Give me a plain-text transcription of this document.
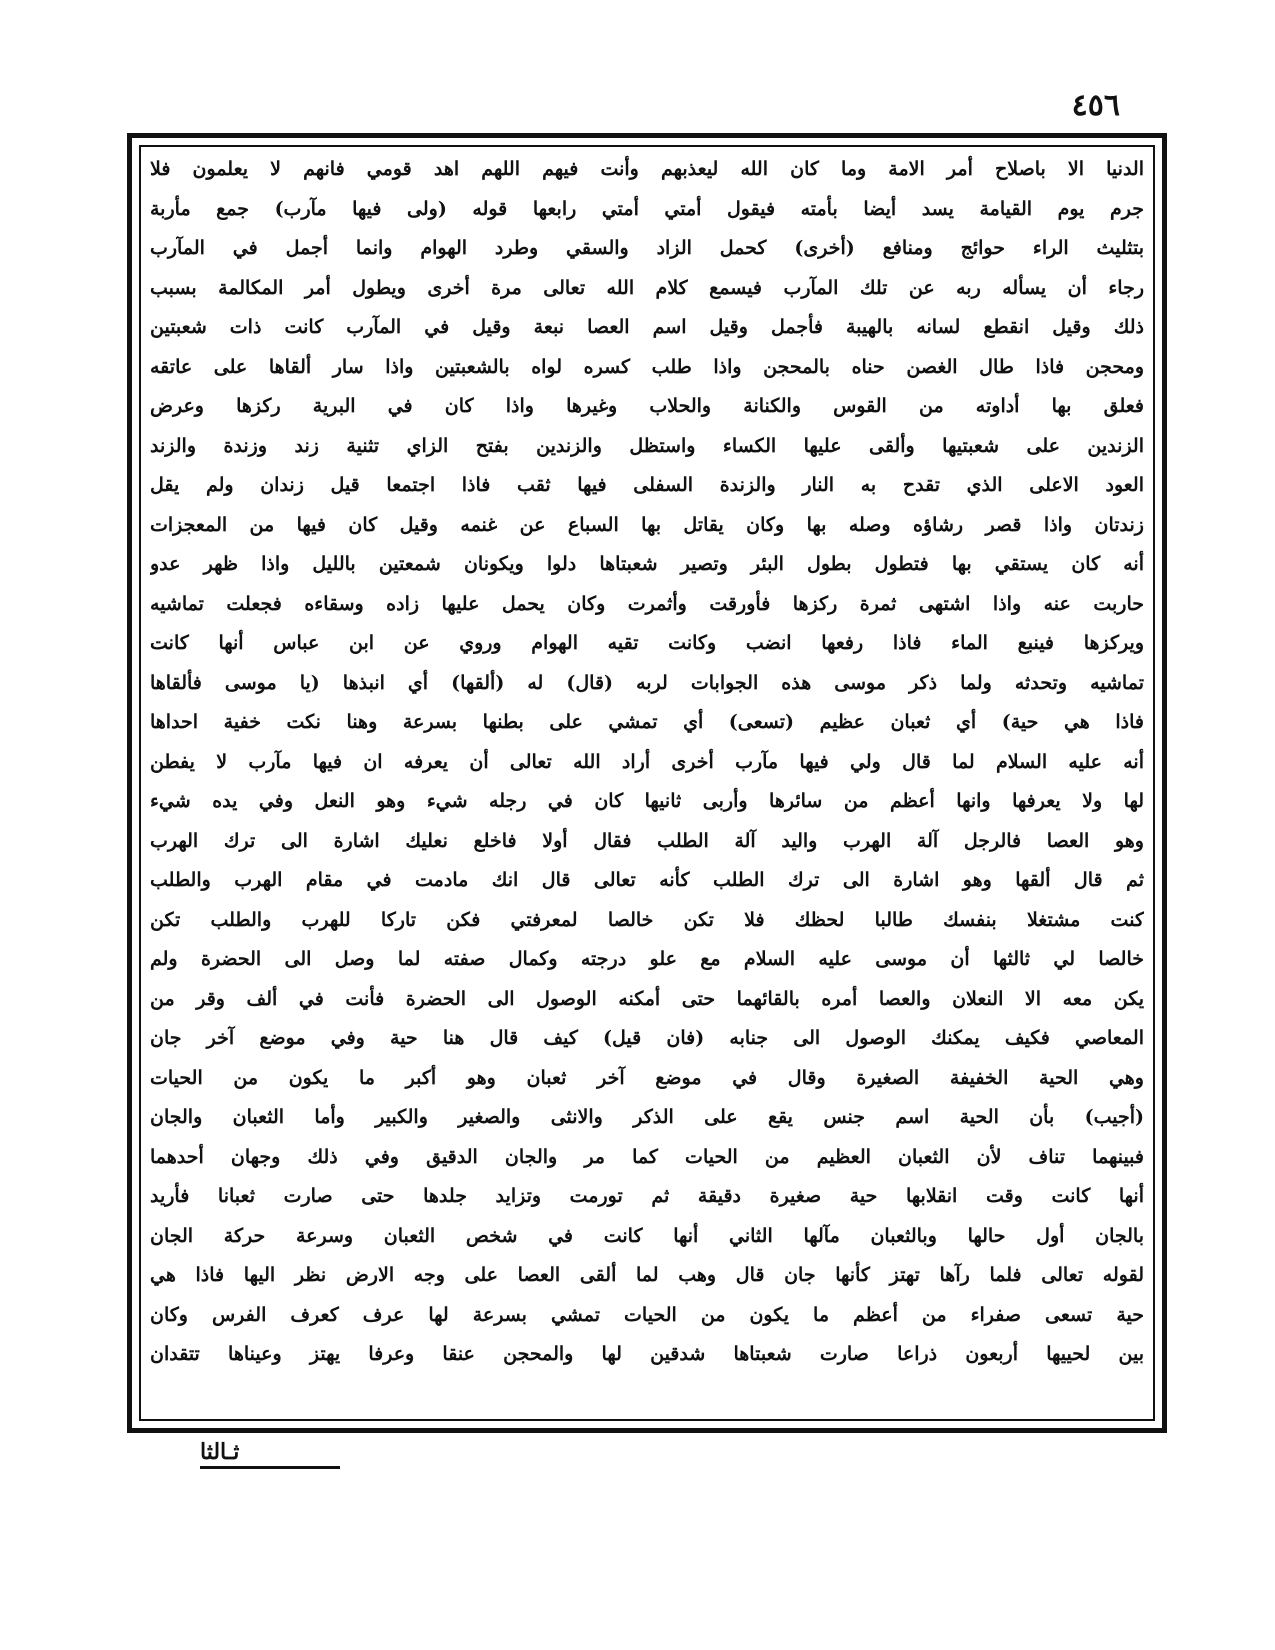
٤٥٦
الدنيا الا باصلاح أمر الامة وما كان الله ليعذبهم وأنت فيهم اللهم اهد قومي فانهم لا يعلمون فلا
جرم يوم القيامة يسد أيضا بأمته فيقول أمتي أمتي رابعها قوله (ولى فيها مآرب) جمع مأربة
بتثليث الراء حوائج ومنافع (أخرى) كحمل الزاد والسقي وطرد الهوام وانما أجمل في المآرب
رجاء أن يسأله ربه عن تلك المآرب فيسمع كلام الله تعالى مرة أخرى ويطول أمر المكالمة بسبب
ذلك وقيل انقطع لسانه بالهيبة فأجمل وقيل اسم العصا نبعة وقيل في المآرب كانت ذات شعبتين
ومحجن فاذا طال الغصن حناه بالمحجن واذا طلب كسره لواه بالشعبتين واذا سار ألقاها على عاتقه
فعلق بها أداوته من القوس والكنانة والحلاب وغيرها واذا كان في البرية ركزها وعرض
الزندين على شعبتيها وألقى عليها الكساء واستظل والزندين بفتح الزاي تثنية زند وزندة والزند
العود الاعلى الذي تقدح به النار والزندة السفلى فيها ثقب فاذا اجتمعا قيل زندان ولم يقل
زندتان واذا قصر رشاؤه وصله بها وكان يقاتل بها السباع عن غنمه وقيل كان فيها من المعجزات
أنه كان يستقي بها فتطول بطول البئر وتصير شعبتاها دلوا ويكونان شمعتين بالليل واذا ظهر عدو
حاربت عنه واذا اشتهى ثمرة ركزها فأورقت وأثمرت وكان يحمل عليها زاده وسقاءه فجعلت تماشيه
ويركزها فينبع الماء فاذا رفعها انضب وكانت تقيه الهوام وروي عن ابن عباس أنها كانت
تماشيه وتحدثه ولما ذكر موسى هذه الجوابات لربه (قال) له (ألقها) أي انبذها (يا موسى فألقاها
فاذا هي حية) أي ثعبان عظيم (تسعى) أي تمشي على بطنها بسرعة وهنا نكت خفية احداها
أنه عليه السلام لما قال ولي فيها مآرب أخرى أراد الله تعالى أن يعرفه ان فيها مآرب لا يفطن
لها ولا يعرفها وانها أعظم من سائرها وأربى ثانيها كان في رجله شيء وهو النعل وفي يده شيء
وهو العصا فالرجل آلة الهرب واليد آلة الطلب فقال أولا فاخلع نعليك اشارة الى ترك الهرب
ثم قال ألقها وهو اشارة الى ترك الطلب كأنه تعالى قال انك مادمت في مقام الهرب والطلب
كنت مشتغلا بنفسك طالبا لحظك فلا تكن خالصا لمعرفتي فكن تاركا للهرب والطلب تكن
خالصا لي ثالثها أن موسى عليه السلام مع علو درجته وكمال صفته لما وصل الى الحضرة ولم
يكن معه الا النعلان والعصا أمره بالقائهما حتى أمكنه الوصول الى الحضرة فأنت في ألف وقر من
المعاصي فكيف يمكنك الوصول الى جنابه (فان قيل) كيف قال هنا حية وفي موضع آخر جان
وهي الحية الخفيفة الصغيرة وقال في موضع آخر ثعبان وهو أكبر ما يكون من الحيات
(أجيب) بأن الحية اسم جنس يقع على الذكر والانثى والصغير والكبير وأما الثعبان والجان
فبينهما تناف لأن الثعبان العظيم من الحيات كما مر والجان الدقيق وفي ذلك وجهان أحدهما
أنها كانت وقت انقلابها حية صغيرة دقيقة ثم تورمت وتزايد جلدها حتى صارت ثعبانا فأريد
بالجان أول حالها وبالثعبان مآلها الثاني أنها كانت في شخص الثعبان وسرعة حركة الجان
لقوله تعالى فلما رآها تهتز كأنها جان قال وهب لما ألقى العصا على وجه الارض نظر اليها فاذا هي
حية تسعى صفراء من أعظم ما يكون من الحيات تمشي بسرعة لها عرف كعرف الفرس وكان
بين لحييها أربعون ذراعا صارت شعبتاها شدقين لها والمحجن عنقا وعرفا يهتز وعيناها تتقدان
ثـالثا
